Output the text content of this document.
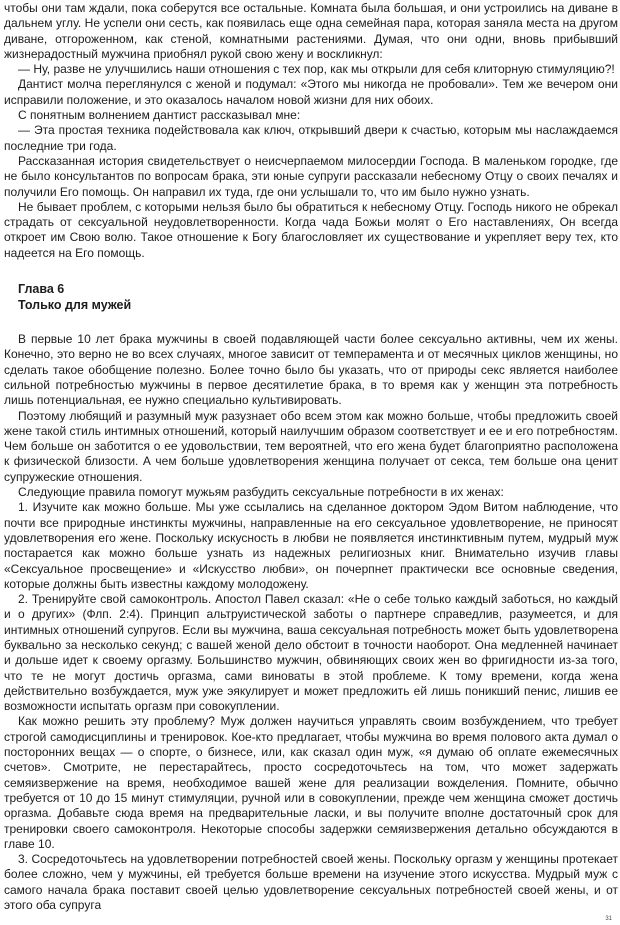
чтобы они там ждали, пока соберутся все остальные. Комната была большая, и они устроились на диване в дальнем углу. Не успели они сесть, как появилась еще одна семейная пара, которая заняла места на другом диване, отгороженном, как стеной, комнатными растениями. Думая, что они одни, вновь прибывший жизнерадостный мужчина приобнял рукой свою жену и воскликнул:

— Ну, разве не улучшились наши отношения с тех пор, как мы открыли для себя клиторную стимуляцию?!

Дантист молча переглянулся с женой и подумал: «Этого мы никогда не пробовали». Тем же вечером они исправили положение, и это оказалось началом новой жизни для них обоих.

С понятным волнением дантист рассказывал мне:

— Эта простая техника подействовала как ключ, открывший двери к счастью, которым мы наслаждаемся последние три года.

Рассказанная история свидетельствует о неисчерпаемом милосердии Господа. В маленьком городке, где не было консультантов по вопросам брака, эти юные супруги рассказали небесному Отцу о своих печалях и получили Его помощь. Он направил их туда, где они услышали то, что им было нужно узнать.

Не бывает проблем, с которыми нельзя было бы обратиться к небесному Отцу. Господь никого не обрекал страдать от сексуальной неудовлетворенности. Когда чада Божьи молят о Его наставлениях, Он всегда откроет им Свою волю. Такое отношение к Богу благословляет их существование и укрепляет веру тех, кто надеется на Его помощь.

Глава 6
Только для мужей

В первые 10 лет брака мужчины в своей подавляющей части более сексуально активны, чем их жены. Конечно, это верно не во всех случаях, многое зависит от темперамента и от месячных циклов женщины, но сделать такое обобщение полезно. Более точно было бы указать, что от природы секс является наиболее сильной потребностью мужчины в первое десятилетие брака, в то время как у женщин эта потребность лишь потенциальная, ее нужно специально культивировать.

Поэтому любящий и разумный муж разузнает обо всем этом как можно больше, чтобы предложить своей жене такой стиль интимных отношений, который наилучшим образом соответствует и ее и его потребностям. Чем больше он заботится о ее удовольствии, тем вероятней, что его жена будет благоприятно расположена к физической близости. А чем больше удовлетворения женщина получает от секса, тем больше она ценит супружеские отношения.

Следующие правила помогут мужьям разбудить сексуальные потребности в их женах:

1. Изучите как можно больше. Мы уже ссылались на сделанное доктором Эдом Витом наблюдение, что почти все природные инстинкты мужчины, направленные на его сексуальное удовлетворение, не приносят удовлетворения его жене. Поскольку искусность в любви не появляется инстинктивным путем, мудрый муж постарается как можно больше узнать из надежных религиозных книг. Внимательно изучив главы «Сексуальное просвещение» и «Искусство любви», он почерпнет практически все основные сведения, которые должны быть известны каждому молодожену.

2. Тренируйте свой самоконтроль. Апостол Павел сказал: «Не о себе только каждый заботься, но каждый и о других» (Флп. 2:4). Принцип альтруистической заботы о партнере справедлив, разумеется, и для интимных отношений супругов. Если вы мужчина, ваша сексуальная потребность может быть удовлетворена буквально за несколько секунд; с вашей женой дело обстоит в точности наоборот. Она медленней начинает и дольше идет к своему оргазму. Большинство мужчин, обвиняющих своих жен во фригидности из-за того, что те не могут достичь оргазма, сами виноваты в этой проблеме. К тому времени, когда жена действительно возбуждается, муж уже эякулирует и может предложить ей лишь поникший пенис, лишив ее возможности испытать оргазм при совокуплении.

Как можно решить эту проблему? Муж должен научиться управлять своим возбуждением, что требует строгой самодисциплины и тренировок. Кое-кто предлагает, чтобы мужчина во время полового акта думал о посторонних вещах — о спорте, о бизнесе, или, как сказал один муж, «я думаю об оплате ежемесячных счетов». Смотрите, не перестарайтесь, просто сосредоточьтесь на том, что может задержать семяизвержение на время, необходимое вашей жене для реализации вожделения. Помните, обычно требуется от 10 до 15 минут стимуляции, ручной или в совокуплении, прежде чем женщина сможет достичь оргазма. Добавьте сюда время на предварительные ласки, и вы получите вполне достаточный срок для тренировки своего самоконтроля. Некоторые способы задержки семяизвержения детально обсуждаются в главе 10.

3. Сосредоточьтесь на удовлетворении потребностей своей жены. Поскольку оргазм у женщины протекает более сложно, чем у мужчины, ей требуется больше времени на изучение этого искусства. Мудрый муж с самого начала брака поставит своей целью удовлетворение сексуальных потребностей своей жены, и от этого оба супруга

31
